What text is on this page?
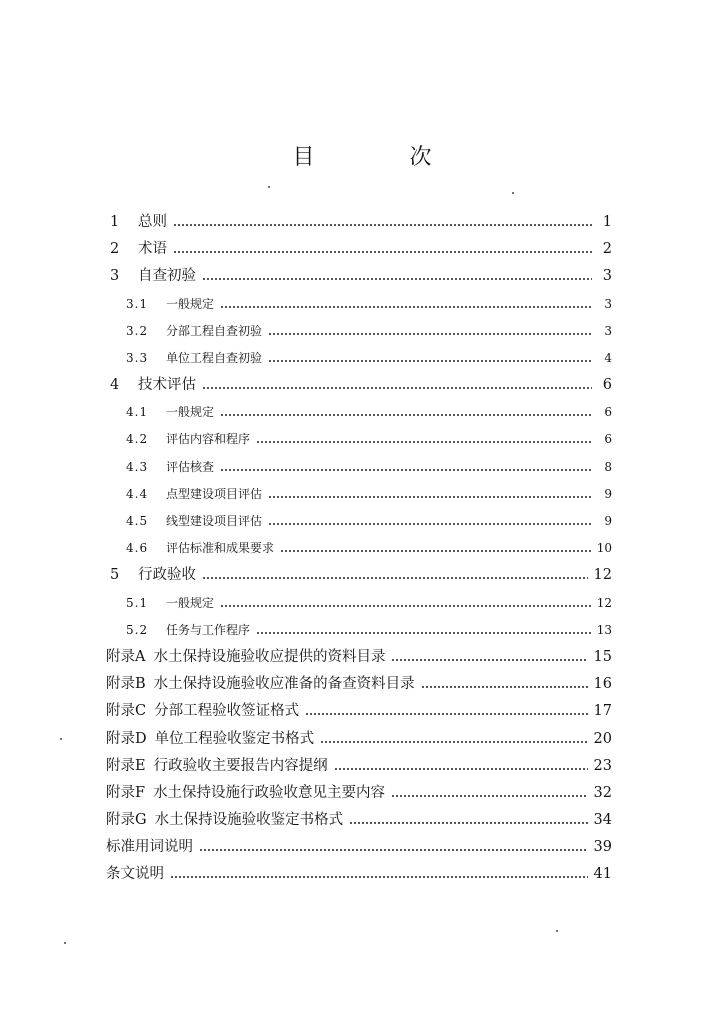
目 次
1	总则	1
2	术语	2
3	自查初验	3
3.1	一般规定	3
3.2	分部工程自查初验	3
3.3	单位工程自查初验	4
4	技术评估	6
4.1	一般规定	6
4.2	评估内容和程序	6
4.3	评估核查	8
4.4	点型建设项目评估	9
4.5	线型建设项目评估	9
4.6	评估标准和成果要求	10
5	行政验收	12
5.1	一般规定	12
5.2	任务与工作程序	13
附录A 水土保持设施验收应提供的资料目录	15
附录B 水土保持设施验收应准备的备查资料目录	16
附录C 分部工程验收签证格式	17
附录D 单位工程验收鉴定书格式	20
附录E 行政验收主要报告内容提纲	23
附录F 水土保持设施行政验收意见主要内容	32
附录G 水土保持设施验收鉴定书格式	34
标准用词说明	39
条文说明	41
